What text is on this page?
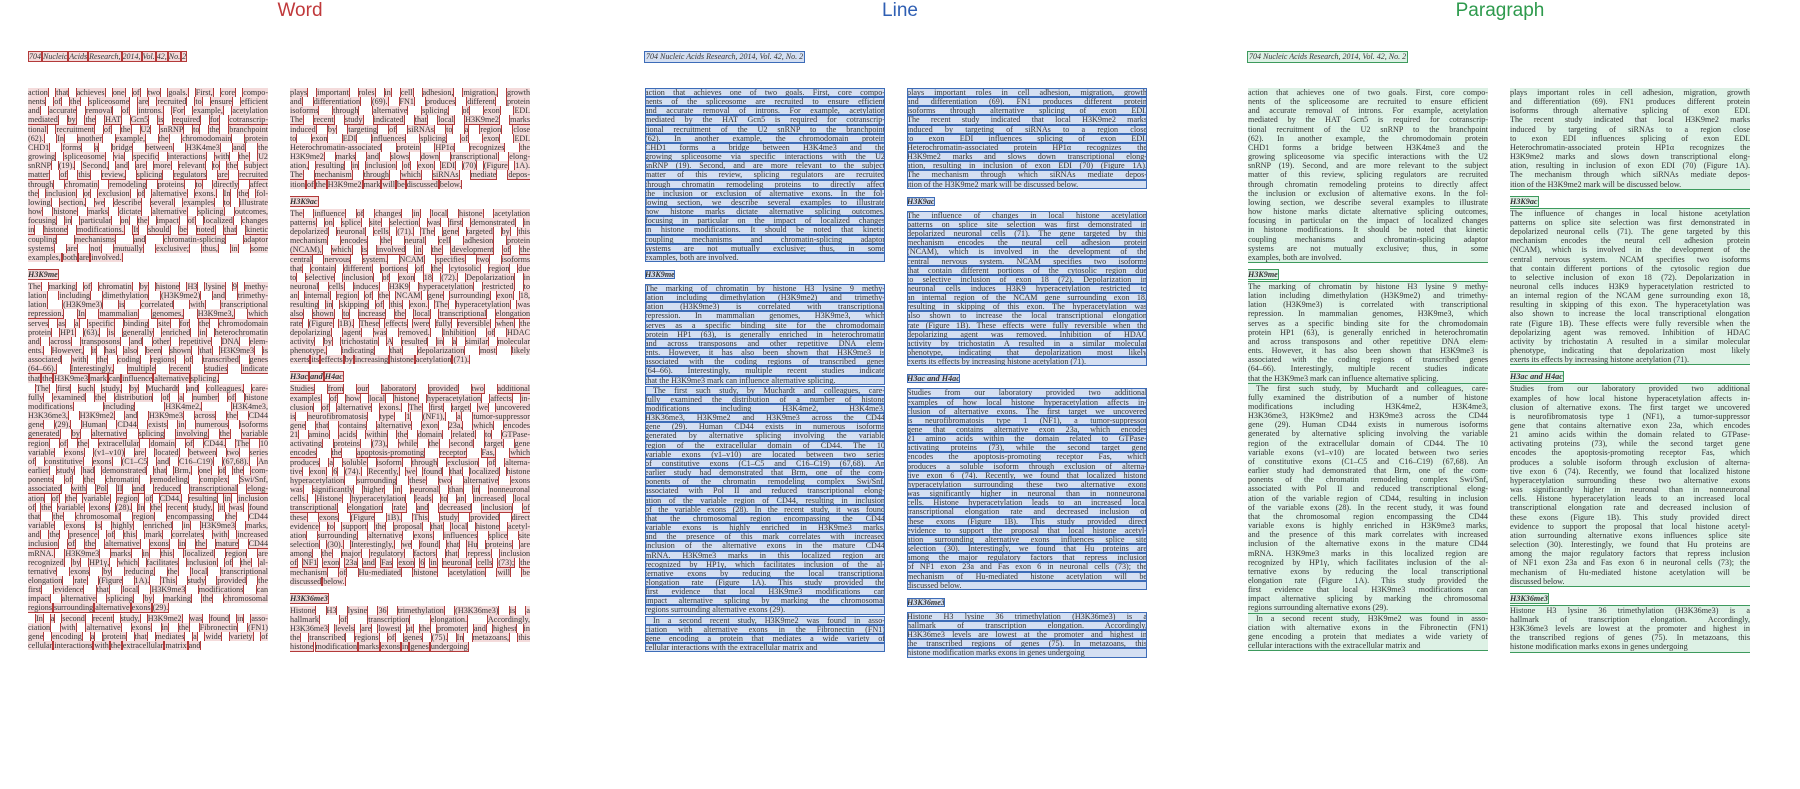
704 Nucleic Acids Research, 2014, Vol. 42, No. 2
action that achieves one of two goals. First, core compo-
nents of the spliceosome are recruited to ensure efficient
and accurate removal of introns. For example, acetylation
mediated by the HAT Gcn5 is required for cotranscrip-
tional recruitment of the U2 snRNP to the branchpoint
(62). In another example, the chromodomain protein
CHD1 forms a bridge between H3K4me3 and the
growing spliceosome via specific interactions with the U2
snRNP (19). Second, and are more relevant to the subject
matter of this review, splicing regulators are recruited
through chromatin remodeling proteins to directly affect
the inclusion or exclusion of alternative exons. In the fol-
lowing section, we describe several examples to illustrate
how histone marks dictate alternative splicing outcomes,
focusing in particular on the impact of localized changes
in histone modifications. It should be noted that kinetic
coupling mechanisms and chromatin-splicing adaptor
systems are not mutually exclusive; thus, in some
examples, both are involved.
H3K9me
The marking of chromatin by histone H3 lysine 9 methy-
lation including dimethylation (H3K9me2) and trimethy-
lation (H3K9me3) is correlated with transcriptional
repression. In mammalian genomes, H3K9me3, which
serves as a specific binding site for the chromodomain
protein HP1 (63), is generally enriched in heterochromatin
and across transposons and other repetitive DNA elem-
ents. However, it has also been shown that H3K9me3 is
associated with the coding regions of transcribed genes
(64–66). Interestingly, multiple recent studies indicate
that the H3K9me3 mark can influence alternative splicing.
The first such study, by Muchardt and colleagues, care-
fully examined the distribution of a number of histone
modifications	including	H3K4me2,	H3K4me3,
H3K36me3, H3K9me2 and H3K9me3 across the CD44
gene (29). Human CD44 exists in numerous isoforms
generated by alternative splicing involving the variable
region of the extracellular domain of CD44. The 10
variable exons (v1–v10) are located between two series
of constitutive exons (C1–C5 and C16–C19) (67,68). An
earlier study had demonstrated that Brm, one of the com-
ponents of the chromatin remodeling complex Swi/Snf,
associated with Pol II and reduced transcriptional elong-
ation of the variable region of CD44, resulting in inclusion
of the variable exons (28). In the recent study, it was found
that the chromosomal region encompassing the CD44
variable exons is highly enriched in H3K9me3 marks,
and the presence of this mark correlates with increased
inclusion of the alternative exons in the mature CD44
mRNA. H3K9me3 marks in this localized region are
recognized by HP1γ, which facilitates inclusion of the al-
ternative exons by reducing the local transcriptional
elongation rate (Figure 1A). This study provided the
first evidence that local H3K9me3 modifications can
impact alternative splicing by marking the chromosomal
regions surrounding alternative exons (29).
In a second recent study, H3K9me2 was found in asso-
ciation with alternative exons in the Fibronectin (FN1)
gene encoding a protein that mediates a wide variety of
cellular interactions with the extracellular matrix and
plays important roles in cell adhesion, migration, growth
and differentiation (69). FN1 produces different protein
isoforms through alternative splicing of exon EDI.
The recent study indicated that local H3K9me2 marks
induced by targeting of siRNAs to a region close
to exon EDI influences splicing of exon EDI.
Heterochromatin-associated protein HP1α recognizes the
H3K9me2 marks and slows down transcriptional elong-
ation, resulting in inclusion of exon EDI (70) (Figure 1A).
The mechanism through which siRNAs mediate depos-
ition of the H3K9me2 mark will be discussed below.
H3K9ac
The influence of changes in local histone acetylation
patterns on splice site selection was first demonstrated in
depolarized neuronal cells (71). The gene targeted by this
mechanism encodes the neural cell adhesion protein
(NCAM), which is involved in the development of the
central nervous system. NCAM specifies two isoforms
that contain different portions of the cytosolic region due
to selective inclusion of exon 18 (72). Depolarization in
neuronal cells induces H3K9 hyperacetylation restricted to
an internal region of the NCAM gene surrounding exon 18,
resulting in skipping of this exon. The hyperacetylation was
also shown to increase the local transcriptional elongation
rate (Figure 1B). These effects were fully reversible when the
depolarizing agent was removed. Inhibition of HDAC
activity by trichostatin A resulted in a similar molecular
phenotype, indicating that depolarization most likely
exerts its effects by increasing histone acetylation (71).
H3ac and H4ac
Studies from our laboratory provided two additional
examples of how local histone hyperacetylation affects in-
clusion of alternative exons. The first target we uncovered
is neurofibromatosis type 1 (NF1), a tumor-suppressor
gene that contains alternative exon 23a, which encodes
21 amino acids within the domain related to GTPase-
activating proteins (73), while the second target gene
encodes the apoptosis-promoting receptor Fas, which
produces a soluble isoform through exclusion of alterna-
tive exon 6 (74). Recently, we found that localized histone
hyperacetylation surrounding these two alternative exons
was significantly higher in neuronal than in nonneuronal
cells. Histone hyperacetylation leads to an increased local
transcriptional elongation rate and decreased inclusion of
these exons (Figure 1B). This study provided direct
evidence to support the proposal that local histone acetyl-
ation surrounding alternative exons influences splice site
selection (30). Interestingly, we found that Hu proteins are
among the major regulatory factors that repress inclusion
of NF1 exon 23a and Fas exon 6 in neuronal cells (73); the
mechanism of Hu-mediated histone acetylation will be
discussed below.
H3K36me3
Histone H3 lysine 36 trimethylation (H3K36me3) is a
hallmark	of	transcription	elongation.	Accordingly,
H3K36me3 levels are lowest at the promoter and highest in
the transcribed regions of genes (75). In metazoans, this
histone modification marks exons in genes undergoing
704 Nucleic Acids Research, 2014, Vol. 42, No. 2
action that achieves one of two goals. First, core compo-
nents of the spliceosome are recruited to ensure efficient
and accurate removal of introns. For example, acetylation
mediated by the HAT Gcn5 is required for cotranscrip-
tional recruitment of the U2 snRNP to the branchpoint
(62). In another example, the chromodomain protein
CHD1 forms a bridge between H3K4me3 and the
growing spliceosome via specific interactions with the U2
snRNP (19). Second, and are more relevant to the subject
matter of this review, splicing regulators are recruited
through chromatin remodeling proteins to directly affect
the inclusion or exclusion of alternative exons. In the fol-
lowing section, we describe several examples to illustrate
how histone marks dictate alternative splicing outcomes,
focusing in particular on the impact of localized changes
in histone modifications. It should be noted that kinetic
coupling mechanisms and chromatin-splicing adaptor
systems are not mutually exclusive; thus, in some
examples, both are involved.
H3K9me
The marking of chromatin by histone H3 lysine 9 methy-
lation including dimethylation (H3K9me2) and trimethy-
lation (H3K9me3) is correlated with transcriptional
repression. In mammalian genomes, H3K9me3, which
serves as a specific binding site for the chromodomain
protein HP1 (63), is generally enriched in heterochromatin
and across transposons and other repetitive DNA elem-
ents. However, it has also been shown that H3K9me3 is
associated with the coding regions of transcribed genes
(64–66). Interestingly, multiple recent studies indicate
that the H3K9me3 mark can influence alternative splicing.
The first such study, by Muchardt and colleagues, care-
fully examined the distribution of a number of histone
modifications including H3K4me2, H3K4me3,
H3K36me3, H3K9me2 and H3K9me3 across the CD44
gene (29). Human CD44 exists in numerous isoforms
generated by alternative splicing involving the variable
region of the extracellular domain of CD44. The 10
variable exons (v1–v10) are located between two series
of constitutive exons (C1–C5 and C16–C19) (67,68). An
earlier study had demonstrated that Brm, one of the com-
ponents of the chromatin remodeling complex Swi/Snf,
associated with Pol II and reduced transcriptional elong-
ation of the variable region of CD44, resulting in inclusion
of the variable exons (28). In the recent study, it was found
that the chromosomal region encompassing the CD44
variable exons is highly enriched in H3K9me3 marks,
and the presence of this mark correlates with increased
inclusion of the alternative exons in the mature CD44
mRNA. H3K9me3 marks in this localized region are
recognized by HP1γ, which facilitates inclusion of the al-
ternative exons by reducing the local transcriptional
elongation rate (Figure 1A). This study provided the
first evidence that local H3K9me3 modifications can
impact alternative splicing by marking the chromosomal
regions surrounding alternative exons (29).
In a second recent study, H3K9me2 was found in asso-
ciation with alternative exons in the Fibronectin (FN1)
gene encoding a protein that mediates a wide variety of
cellular interactions with the extracellular matrix and
plays important roles in cell adhesion, migration, growth
and differentiation (69). FN1 produces different protein
isoforms through alternative splicing of exon EDI.
The recent study indicated that local H3K9me2 marks
induced by targeting of siRNAs to a region close
to exon EDI influences splicing of exon EDI.
Heterochromatin-associated protein HP1α recognizes the
H3K9me2 marks and slows down transcriptional elong-
ation, resulting in inclusion of exon EDI (70) (Figure 1A).
The mechanism through which siRNAs mediate depos-
ition of the H3K9me2 mark will be discussed below.
H3K9ac
The influence of changes in local histone acetylation
patterns on splice site selection was first demonstrated in
depolarized neuronal cells (71). The gene targeted by this
mechanism encodes the neural cell adhesion protein
(NCAM), which is involved in the development of the
central nervous system. NCAM specifies two isoforms
that contain different portions of the cytosolic region due
to selective inclusion of exon 18 (72). Depolarization in
neuronal cells induces H3K9 hyperacetylation restricted to
an internal region of the NCAM gene surrounding exon 18,
resulting in skipping of this exon. The hyperacetylation was
also shown to increase the local transcriptional elongation
rate (Figure 1B). These effects were fully reversible when the
depolarizing agent was removed. Inhibition of HDAC
activity by trichostatin A resulted in a similar molecular
phenotype, indicating that depolarization most likely
exerts its effects by increasing histone acetylation (71).
H3ac and H4ac
Studies from our laboratory provided two additional
examples of how local histone hyperacetylation affects in-
clusion of alternative exons. The first target we uncovered
is neurofibromatosis type 1 (NF1), a tumor-suppressor
gene that contains alternative exon 23a, which encodes
21 amino acids within the domain related to GTPase-
activating proteins (73), while the second target gene
encodes the apoptosis-promoting receptor Fas, which
produces a soluble isoform through exclusion of alterna-
tive exon 6 (74). Recently, we found that localized histone
hyperacetylation surrounding these two alternative exons
was significantly higher in neuronal than in nonneuronal
cells. Histone hyperacetylation leads to an increased local
transcriptional elongation rate and decreased inclusion of
these exons (Figure 1B). This study provided direct
evidence to support the proposal that local histone acetyl-
ation surrounding alternative exons influences splice site
selection (30). Interestingly, we found that Hu proteins are
among the major regulatory factors that repress inclusion
of NF1 exon 23a and Fas exon 6 in neuronal cells (73); the
mechanism of Hu-mediated histone acetylation will be
discussed below.
H3K36me3
Histone H3 lysine 36 trimethylation (H3K36me3) is a
hallmark of transcription elongation. Accordingly,
H3K36me3 levels are lowest at the promoter and highest in
the transcribed regions of genes (75). In metazoans, this
histone modification marks exons in genes undergoing
704 Nucleic Acids Research, 2014, Vol. 42, No. 2
action that achieves one of two goals. First, core compo-
nents of the spliceosome are recruited to ensure efficient
and accurate removal of introns. For example, acetylation
mediated by the HAT Gcn5 is required for cotranscrip-
tional recruitment of the U2 snRNP to the branchpoint
(62). In another example, the chromodomain protein
CHD1 forms a bridge between H3K4me3 and the
growing spliceosome via specific interactions with the U2
snRNP (19). Second, and are more relevant to the subject
matter of this review, splicing regulators are recruited
through chromatin remodeling proteins to directly affect
the inclusion or exclusion of alternative exons. In the fol-
lowing section, we describe several examples to illustrate
how histone marks dictate alternative splicing outcomes,
focusing in particular on the impact of localized changes
in histone modifications. It should be noted that kinetic
coupling mechanisms and chromatin-splicing adaptor
systems are not mutually exclusive; thus, in some
examples, both are involved.
H3K9me
The marking of chromatin by histone H3 lysine 9 methy-
lation including dimethylation (H3K9me2) and trimethy-
lation (H3K9me3) is correlated with transcriptional
repression. In mammalian genomes, H3K9me3, which
serves as a specific binding site for the chromodomain
protein HP1 (63), is generally enriched in heterochromatin
and across transposons and other repetitive DNA elem-
ents. However, it has also been shown that H3K9me3 is
associated with the coding regions of transcribed genes
(64–66). Interestingly, multiple recent studies indicate
that the H3K9me3 mark can influence alternative splicing.
The first such study, by Muchardt and colleagues, care-
fully examined the distribution of a number of histone
modifications including H3K4me2, H3K4me3,
H3K36me3, H3K9me2 and H3K9me3 across the CD44
gene (29). Human CD44 exists in numerous isoforms
generated by alternative splicing involving the variable
region of the extracellular domain of CD44. The 10
variable exons (v1–v10) are located between two series
of constitutive exons (C1–C5 and C16–C19) (67,68). An
earlier study had demonstrated that Brm, one of the com-
ponents of the chromatin remodeling complex Swi/Snf,
associated with Pol II and reduced transcriptional elong-
ation of the variable region of CD44, resulting in inclusion
of the variable exons (28). In the recent study, it was found
that the chromosomal region encompassing the CD44
variable exons is highly enriched in H3K9me3 marks,
and the presence of this mark correlates with increased
inclusion of the alternative exons in the mature CD44
mRNA. H3K9me3 marks in this localized region are
recognized by HP1γ, which facilitates inclusion of the al-
ternative exons by reducing the local transcriptional
elongation rate (Figure 1A). This study provided the
first evidence that local H3K9me3 modifications can
impact alternative splicing by marking the chromosomal
regions surrounding alternative exons (29).
In a second recent study, H3K9me2 was found in asso-
ciation with alternative exons in the Fibronectin (FN1)
gene encoding a protein that mediates a wide variety of
cellular interactions with the extracellular matrix and
plays important roles in cell adhesion, migration, growth
and differentiation (69). FN1 produces different protein
isoforms through alternative splicing of exon EDI.
The recent study indicated that local H3K9me2 marks
induced by targeting of siRNAs to a region close
to exon EDI influences splicing of exon EDI.
Heterochromatin-associated protein HP1α recognizes the
H3K9me2 marks and slows down transcriptional elong-
ation, resulting in inclusion of exon EDI (70) (Figure 1A).
The mechanism through which siRNAs mediate depos-
ition of the H3K9me2 mark will be discussed below.
H3K9ac
The influence of changes in local histone acetylation
patterns on splice site selection was first demonstrated in
depolarized neuronal cells (71). The gene targeted by this
mechanism encodes the neural cell adhesion protein
(NCAM), which is involved in the development of the
central nervous system. NCAM specifies two isoforms
that contain different portions of the cytosolic region due
to selective inclusion of exon 18 (72). Depolarization in
neuronal cells induces H3K9 hyperacetylation restricted to
an internal region of the NCAM gene surrounding exon 18,
resulting in skipping of this exon. The hyperacetylation was
also shown to increase the local transcriptional elongation
rate (Figure 1B). These effects were fully reversible when the
depolarizing agent was removed. Inhibition of HDAC
activity by trichostatin A resulted in a similar molecular
phenotype, indicating that depolarization most likely
exerts its effects by increasing histone acetylation (71).
H3ac and H4ac
Studies from our laboratory provided two additional
examples of how local histone hyperacetylation affects in-
clusion of alternative exons. The first target we uncovered
is neurofibromatosis type 1 (NF1), a tumor-suppressor
gene that contains alternative exon 23a, which encodes
21 amino acids within the domain related to GTPase-
activating proteins (73), while the second target gene
encodes the apoptosis-promoting receptor Fas, which
produces a soluble isoform through exclusion of alterna-
tive exon 6 (74). Recently, we found that localized histone
hyperacetylation surrounding these two alternative exons
was significantly higher in neuronal than in nonneuronal
cells. Histone hyperacetylation leads to an increased local
transcriptional elongation rate and decreased inclusion of
these exons (Figure 1B). This study provided direct
evidence to support the proposal that local histone acetyl-
ation surrounding alternative exons influences splice site
selection (30). Interestingly, we found that Hu proteins are
among the major regulatory factors that repress inclusion
of NF1 exon 23a and Fas exon 6 in neuronal cells (73); the
mechanism of Hu-mediated histone acetylation will be
discussed below.
H3K36me3
Histone H3 lysine 36 trimethylation (H3K36me3) is a
hallmark of transcription elongation. Accordingly,
H3K36me3 levels are lowest at the promoter and highest in
the transcribed regions of genes (75). In metazoans, this
histone modification marks exons in genes undergoing
Word	Line	Paragraph
